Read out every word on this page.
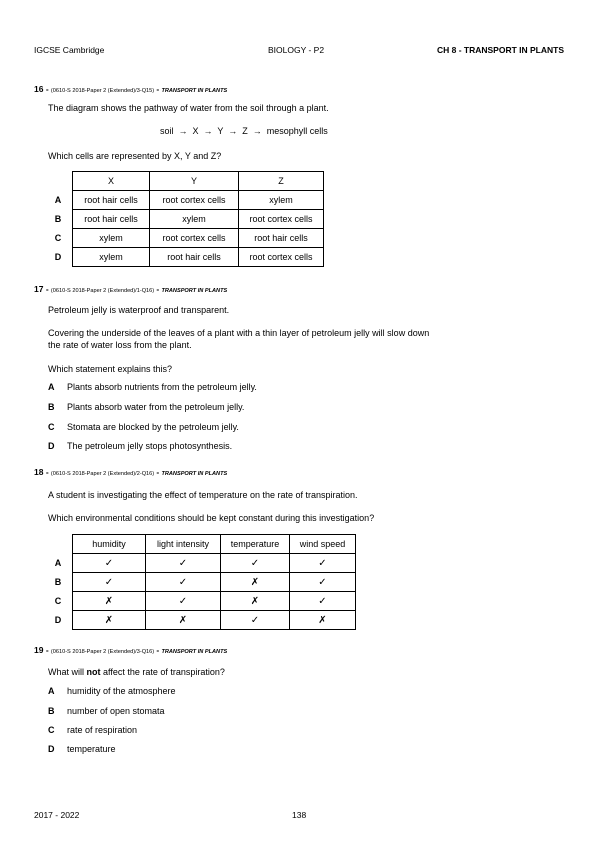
IGCSE Cambridge	BIOLOGY - P2	CH 8 - TRANSPORT IN PLANTS
16 - (0610-S 2018-Paper 2 (Extended)/3-Q15) - TRANSPORT IN PLANTS
The diagram shows the pathway of water from the soil through a plant.
soil  →  X  →  Y  →  Z  →  mesophyll cells
Which cells are represented by X, Y and Z?
	X	Y	Z
A	root hair cells	root cortex cells	xylem
B	root hair cells	xylem	root cortex cells
C	xylem	root cortex cells	root hair cells
D	xylem	root hair cells	root cortex cells
17 - (0610-S 2018-Paper 2 (Extended)/1-Q16) - TRANSPORT IN PLANTS
Petroleum jelly is waterproof and transparent.
Covering the underside of the leaves of a plant with a thin layer of petroleum jelly will slow down
the rate of water loss from the plant.
Which statement explains this?
A Plants absorb nutrients from the petroleum jelly.
B Plants absorb water from the petroleum jelly.
C Stomata are blocked by the petroleum jelly.
D The petroleum jelly stops photosynthesis.
18 - (0610-S 2018-Paper 2 (Extended)/2-Q16) - TRANSPORT IN PLANTS
A student is investigating the effect of temperature on the rate of transpiration.
Which environmental conditions should be kept constant during this investigation?
	humidity	light intensity	temperature	wind speed
A	✓	✓	✓	✓
B	✓	✓	✗	✓
C	✗	✓	✗	✓
D	✗	✗	✓	✗
19 - (0610-S 2018-Paper 2 (Extended)/3-Q16) - TRANSPORT IN PLANTS
What will not affect the rate of transpiration?
A humidity of the atmosphere
B number of open stomata
C rate of respiration
D temperature
2017 - 2022	138
